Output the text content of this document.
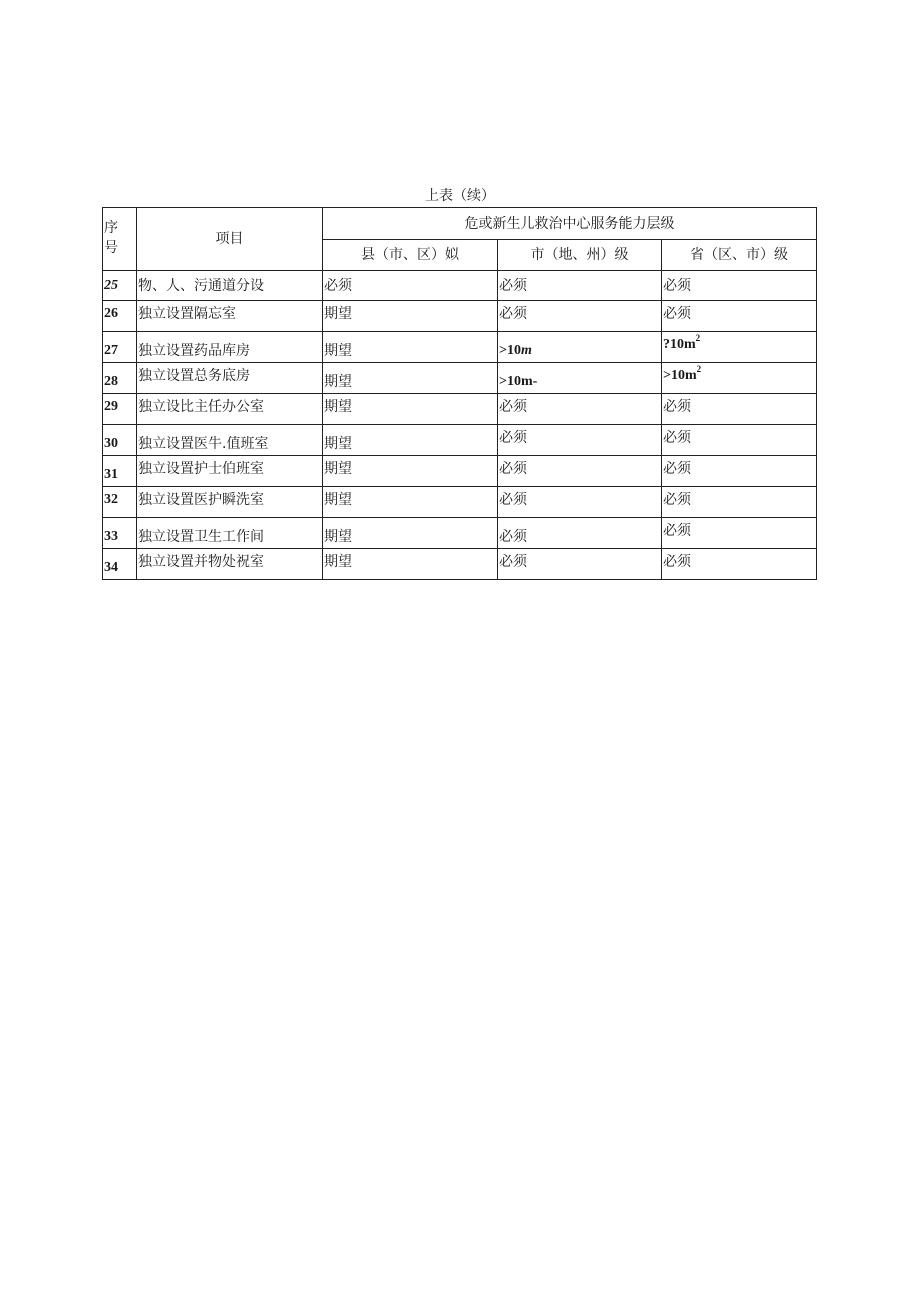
上表（续）
序
号	项目	危或新生儿救治中心服务能力层级		
		县（市、区）姒	市（地、州）级	省（区、市）级
25	物、人、污通道分设	必须	必须	必须
26	独立设置隔忘室	期望	必须	必须
27	独立设置药品库房	期望	>10m	$?10m^2$
28	独立设置总务底房	期望	>10m-	$>10m^2$
29	独立设比主任办公室	期望	必须	必须
30	独立设置医牛.值班室	期望	必须	必须
31	独立设置护士伯班室	期望	必须	必须
32	独立设置医护瞬洗室	期望	必须	必须
33	独立设置卫生工作间	期望	必须	必须
34	独立设置并物处祝室	期望	必须	必须
